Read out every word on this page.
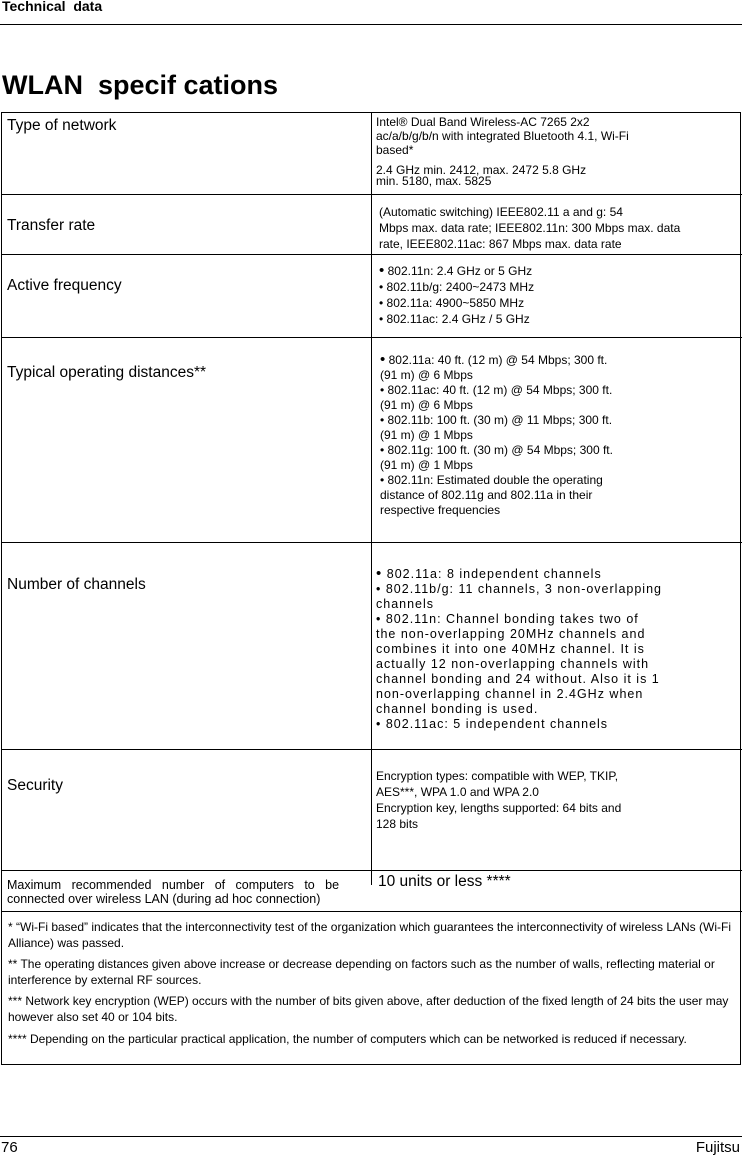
Technical  data
WLAN  specif cations
Type of network	Intel® Dual Band Wireless-AC 7265 2x2
ac/a/b/g/b/n with integrated Bluetooth 4.1, Wi-Fi
based*
2.4 GHz min. 2412, max. 2472 5.8 GHz
min. 5180, max. 5825
Transfer rate
(Automatic switching) IEEE802.11 a and g: 54
Mbps max. data rate; IEEE802.11n: 300 Mbps max. data
rate, IEEE802.11ac: 867 Mbps max. data rate
Active frequency
• 802.11n: 2.4 GHz or 5 GHz
• 802.11b/g: 2400~2473 MHz
• 802.11a: 4900~5850 MHz
• 802.11ac: 2.4 GHz / 5 GHz
Typical operating distances**
• 802.11a: 40 ft. (12 m) @ 54 Mbps; 300 ft.
(91 m) @ 6 Mbps
• 802.11ac: 40 ft. (12 m) @ 54 Mbps; 300 ft.
(91 m) @ 6 Mbps
• 802.11b: 100 ft. (30 m) @ 11 Mbps; 300 ft.
(91 m) @ 1 Mbps
• 802.11g: 100 ft. (30 m) @ 54 Mbps; 300 ft.
(91 m) @ 1 Mbps
• 802.11n: Estimated double the operating
distance of 802.11g and 802.11a in their
respective frequencies
Number of channels
• 802.11a: 8 independent channels
• 802.11b/g: 11 channels, 3 non-overlapping
channels
• 802.11n: Channel bonding takes two of
the non-overlapping 20MHz channels and
combines it into one 40MHz channel. It is
actually 12 non-overlapping channels with
channel bonding and 24 without. Also it is 1
non-overlapping channel in 2.4GHz when
channel bonding is used.
• 802.11ac: 5 independent channels
Security
Encryption types: compatible with WEP, TKIP,
AES***, WPA 1.0 and WPA 2.0
Encryption key, lengths supported: 64 bits and
128 bits
Maximum   recommended   number   of   computers   to   be
connected over wireless LAN (during ad hoc connection)
10 units or less ****
* “Wi-Fi based” indicates that the interconnectivity test of the organization which guarantees the interconnectivity of wireless LANs (Wi-Fi Alliance) was passed.
** The operating distances given above increase or decrease depending on factors such as the number of walls, reflecting material or interference by external RF sources.
*** Network key encryption (WEP) occurs with the number of bits given above, after deduction of the fixed length of 24 bits the user may however also set 40 or 104 bits.
**** Depending on the particular practical application, the number of computers which can be networked is reduced if necessary.
76	Fujitsu
